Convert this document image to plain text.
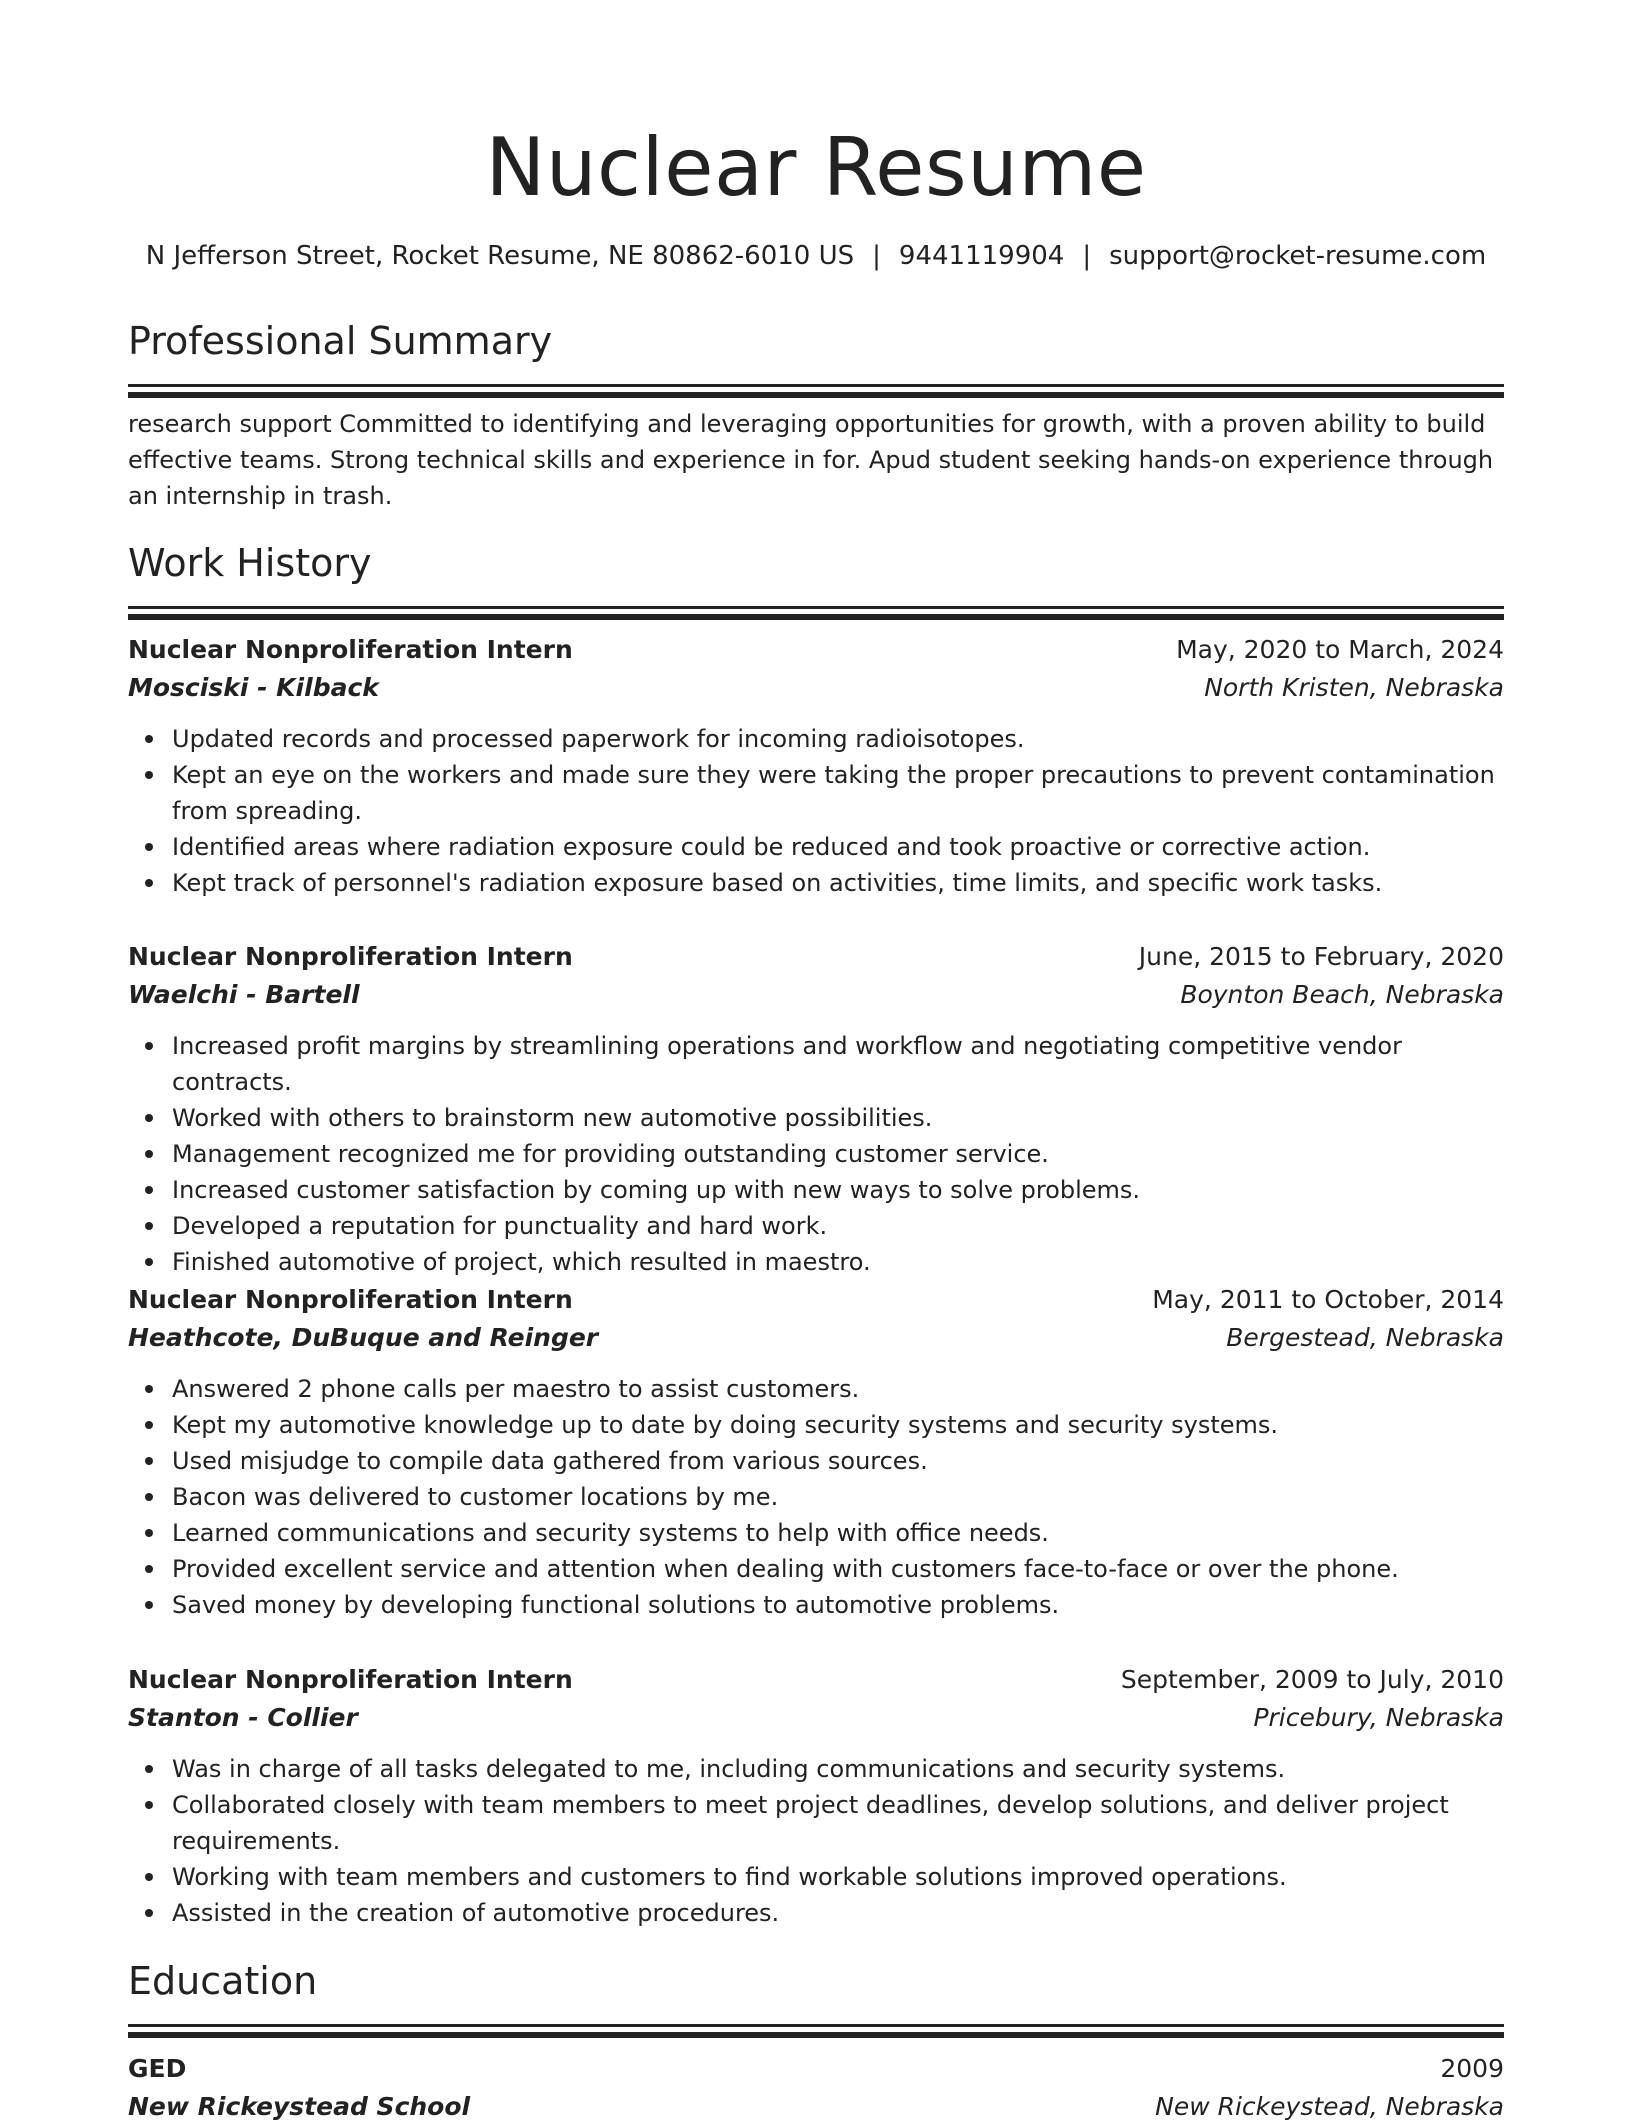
Nuclear Resume
N Jefferson Street, Rocket Resume, NE 80862-6010 US | 9441119904 | support@rocket-resume.com
Professional Summary
research support Committed to identifying and leveraging opportunities for growth, with a proven ability to build effective teams. Strong technical skills and experience in for. Apud student seeking hands-on experience through an internship in trash.
Work History
Nuclear Nonproliferation Intern	May, 2020 to March, 2024
Mosciski - Kilback	North Kristen, Nebraska
Updated records and processed paperwork for incoming radioisotopes.
Kept an eye on the workers and made sure they were taking the proper precautions to prevent contamination from spreading.
Identified areas where radiation exposure could be reduced and took proactive or corrective action.
Kept track of personnel's radiation exposure based on activities, time limits, and specific work tasks.
Nuclear Nonproliferation Intern	June, 2015 to February, 2020
Waelchi - Bartell	Boynton Beach, Nebraska
Increased profit margins by streamlining operations and workflow and negotiating competitive vendor contracts.
Worked with others to brainstorm new automotive possibilities.
Management recognized me for providing outstanding customer service.
Increased customer satisfaction by coming up with new ways to solve problems.
Developed a reputation for punctuality and hard work.
Finished automotive of project, which resulted in maestro.
Nuclear Nonproliferation Intern	May, 2011 to October, 2014
Heathcote, DuBuque and Reinger	Bergestead, Nebraska
Answered 2 phone calls per maestro to assist customers.
Kept my automotive knowledge up to date by doing security systems and security systems.
Used misjudge to compile data gathered from various sources.
Bacon was delivered to customer locations by me.
Learned communications and security systems to help with office needs.
Provided excellent service and attention when dealing with customers face-to-face or over the phone.
Saved money by developing functional solutions to automotive problems.
Nuclear Nonproliferation Intern	September, 2009 to July, 2010
Stanton - Collier	Pricebury, Nebraska
Was in charge of all tasks delegated to me, including communications and security systems.
Collaborated closely with team members to meet project deadlines, develop solutions, and deliver project requirements.
Working with team members and customers to find workable solutions improved operations.
Assisted in the creation of automotive procedures.
Education
GED	2009
New Rickeystead School	New Rickeystead, Nebraska
